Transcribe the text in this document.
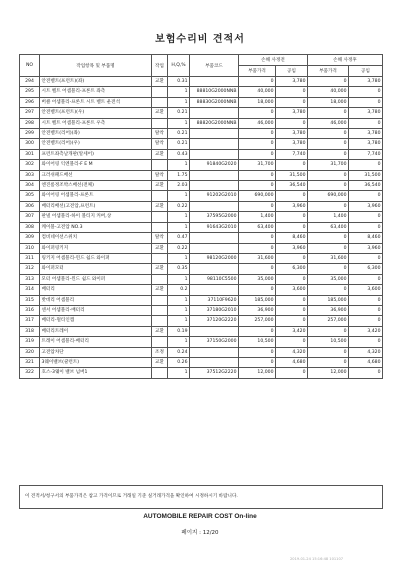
보험수리비 견적서
NO	작업항목 및 부품명	작업	H,Q,%	부품코드	손해 사정전		손해 사정후	
					부품가격	공임	부품가격	공임
294	안전벨트(프런트)(좌)	교환	0.31		0	3,780	0	3,780
295	시트 벨트 어셈블리-프론트 좌측		1	88810G2000NNB	40,000	0	40,000	0
296	버클 어셈블리-프론트 시트 벨트 운전석		1	88830G2000NNB	18,000	0	18,000	0
297	안전벨트(프런트)(우)	교환	0.21		0	3,780	0	3,780
298	시트 벨트 어셈블리-프론트 우측		1	88820G2000NNB	46,000	0	46,000	0
299	안전벨트(리어)(좌)	탈착	0.21		0	3,780	0	3,780
300	안전벨트(리어)(우)	탈착	0.21		0	3,780	0	3,780
301	프런트좌측날개판(알세어)	교환	0.43		0	7,740	0	7,740
302	와이어링 익엔블리-F E M		1	91840G2020	31,700	0	31,700	0
303	크러쉬패드배선	탈착	1.75		0	31,500	0	31,500
304	엔진룸정조박스배선(전체)	교환	2.03		0	36,540	0	36,540
305	와이어링 어셈블리-프론트		1	91202G2010	690,000	0	690,000	0
306	배터리배선(고전압,프런트)	교환	0.22		0	3,960	0	3,960
307	판넬 어셈블리-하이 볼티지 커버,상		1	37595G2000	1,400	0	1,400	0
308	케이블-고전압 NO.3		1	91643G2010	63,400	0	63,400	0
309	컴비네이션스위치	탈착	0.47		0	8,460	0	8,460
310	와이퍼링키지	교환	0.22		0	3,960	0	3,960
311	링키지 어셈블리-윈드 쉴드 와이퍼		1	98120G2000	31,600	0	31,600	0
312	와이퍼모터	교환	0.35		0	6,300	0	6,300
313	모터 어셈블리-윈드 쉴드 와이퍼		1	98110C5500	35,000	0	35,000	0
314	배터리	교환	0.2		0	3,600	0	3,600
315	밧데리 어셈블리		1	37110F9620	185,000	0	185,000	0
316	센서 어셈블리-배터리		1	37180G2010	36,900	0	36,900	0
317	배터리-멀티인캡		1	37120G2220	257,000	0	257,000	0
318	배터리트레이	교환	0.19		0	3,420	0	3,420
319	트레이 어셈블리-배터리		1	37150G2000	10,500	0	10,500	0
320	고전압차단	조정	0.24		0	4,320	0	4,320
321	3웨이밸브(쿨런트)	교환	0.26		0	4,680	0	4,680
322	호스-3웨이 밸브 넘버1		1	37512G2220	12,000	0	12,000	0
이 견적서/청구서의 부품가격은 참고 가격이므로 거래일 기준 실거래가격을 확인하여 시정하시기 바랍니다.
AUTOMOBILE REPAIR COST On-line
페이지 : 12/20
2019-01-24 15:16:48 101107
